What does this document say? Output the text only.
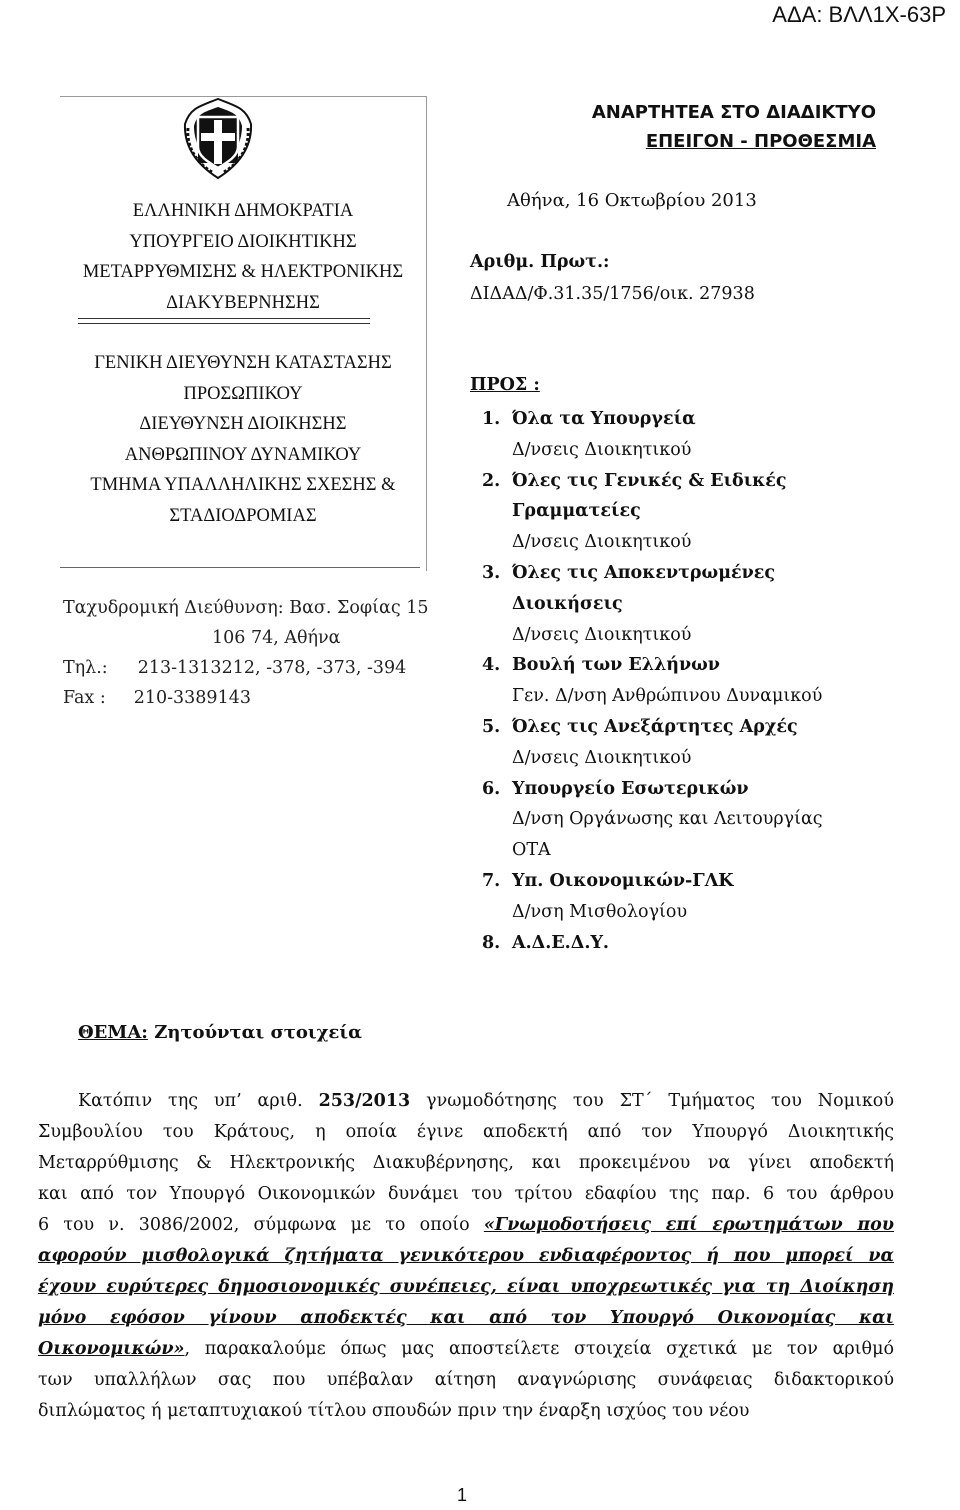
ΑΔΑ: ΒΛΛ1Χ-63Ρ
ΕΛΛΗΝΙΚΗ ΔΗΜΟΚΡΑΤΙΑ
ΥΠΟΥΡΓΕΙΟ ΔΙΟΙΚΗΤΙΚΗΣ
ΜΕΤΑΡΡΥΘΜΙΣΗΣ & ΗΛΕΚΤΡΟΝΙΚΗΣ
ΔΙΑΚΥΒΕΡΝΗΣΗΣ
ΓΕΝΙΚΗ ΔΙΕΥΘΥΝΣΗ ΚΑΤΑΣΤΑΣΗΣ
ΠΡΟΣΩΠΙΚΟΥ
ΔΙΕΥΘΥΝΣΗ ΔΙΟΙΚΗΣΗΣ
ΑΝΘΡΩΠΙΝΟΥ ΔΥΝΑΜΙΚΟΥ
ΤΜΗΜΑ ΥΠΑΛΛΗΛΙΚΗΣ ΣΧΕΣΗΣ &
ΣΤΑΔΙΟΔΡΟΜΙΑΣ
Ταχυδρομική Διεύθυνση: Βασ. Σοφίας 15
106 74, Αθήνα
Τηλ.: 213-1313212, -378, -373, -394
Fax : 210-3389143
ΑΝΑΡΤΗΤΕΑ ΣΤΟ ΔΙΑΔΙΚΤΥΟ
ΕΠΕΙΓΟΝ - ΠΡΟΘΕΣΜΙΑ
Αθήνα, 16 Οκτωβρίου 2013
Αριθμ. Πρωτ.:
ΔΙΔΑΔ/Φ.31.35/1756/οικ. 27938
ΠΡΟΣ :
1. Όλα τα Υπουργεία
Δ/νσεις Διοικητικού
2. Όλες τις Γενικές & Ειδικές
Γραμματείες
Δ/νσεις Διοικητικού
3. Όλες τις Αποκεντρωμένες
Διοικήσεις
Δ/νσεις Διοικητικού
4. Βουλή των Ελλήνων
Γεν. Δ/νση Ανθρώπινου Δυναμικού
5. Όλες τις Ανεξάρτητες Αρχές
Δ/νσεις Διοικητικού
6. Υπουργείο Εσωτερικών
Δ/νση Οργάνωσης και Λειτουργίας
ΟΤΑ
7. Υπ. Οικονομικών-ΓΛΚ
Δ/νση Μισθολογίου
8. Α.Δ.Ε.Δ.Υ.
ΘΕΜΑ: Ζητούνται στοιχεία
Κατόπιν της υπ’ αριθ. 253/2013 γνωμοδότησης του ΣΤ΄ Τμήματος του Νομικού
Συμβουλίου του Κράτους, η οποία έγινε αποδεκτή από τον Υπουργό Διοικητικής
Μεταρρύθμισης & Ηλεκτρονικής Διακυβέρνησης, και προκειμένου να γίνει αποδεκτή
και από τον Υπουργό Οικονομικών δυνάμει του τρίτου εδαφίου της παρ. 6 του άρθρου
6 του ν. 3086/2002, σύμφωνα με το οποίο «Γνωμοδοτήσεις επί ερωτημάτων που
αφορούν μισθολογικά ζητήματα γενικότερου ενδιαφέροντος ή που μπορεί να
έχουν ευρύτερες δημοσιονομικές συνέπειες, είναι υποχρεωτικές για τη Διοίκηση
μόνο εφόσον γίνουν αποδεκτές και από τον Υπουργό Οικονομίας και
Οικονομικών», παρακαλούμε όπως μας αποστείλετε στοιχεία σχετικά με τον αριθμό
των υπαλλήλων σας που υπέβαλαν αίτηση αναγνώρισης συνάφειας διδακτορικού
διπλώματος ή μεταπτυχιακού τίτλου σπουδών πριν την έναρξη ισχύος του νέου
1
